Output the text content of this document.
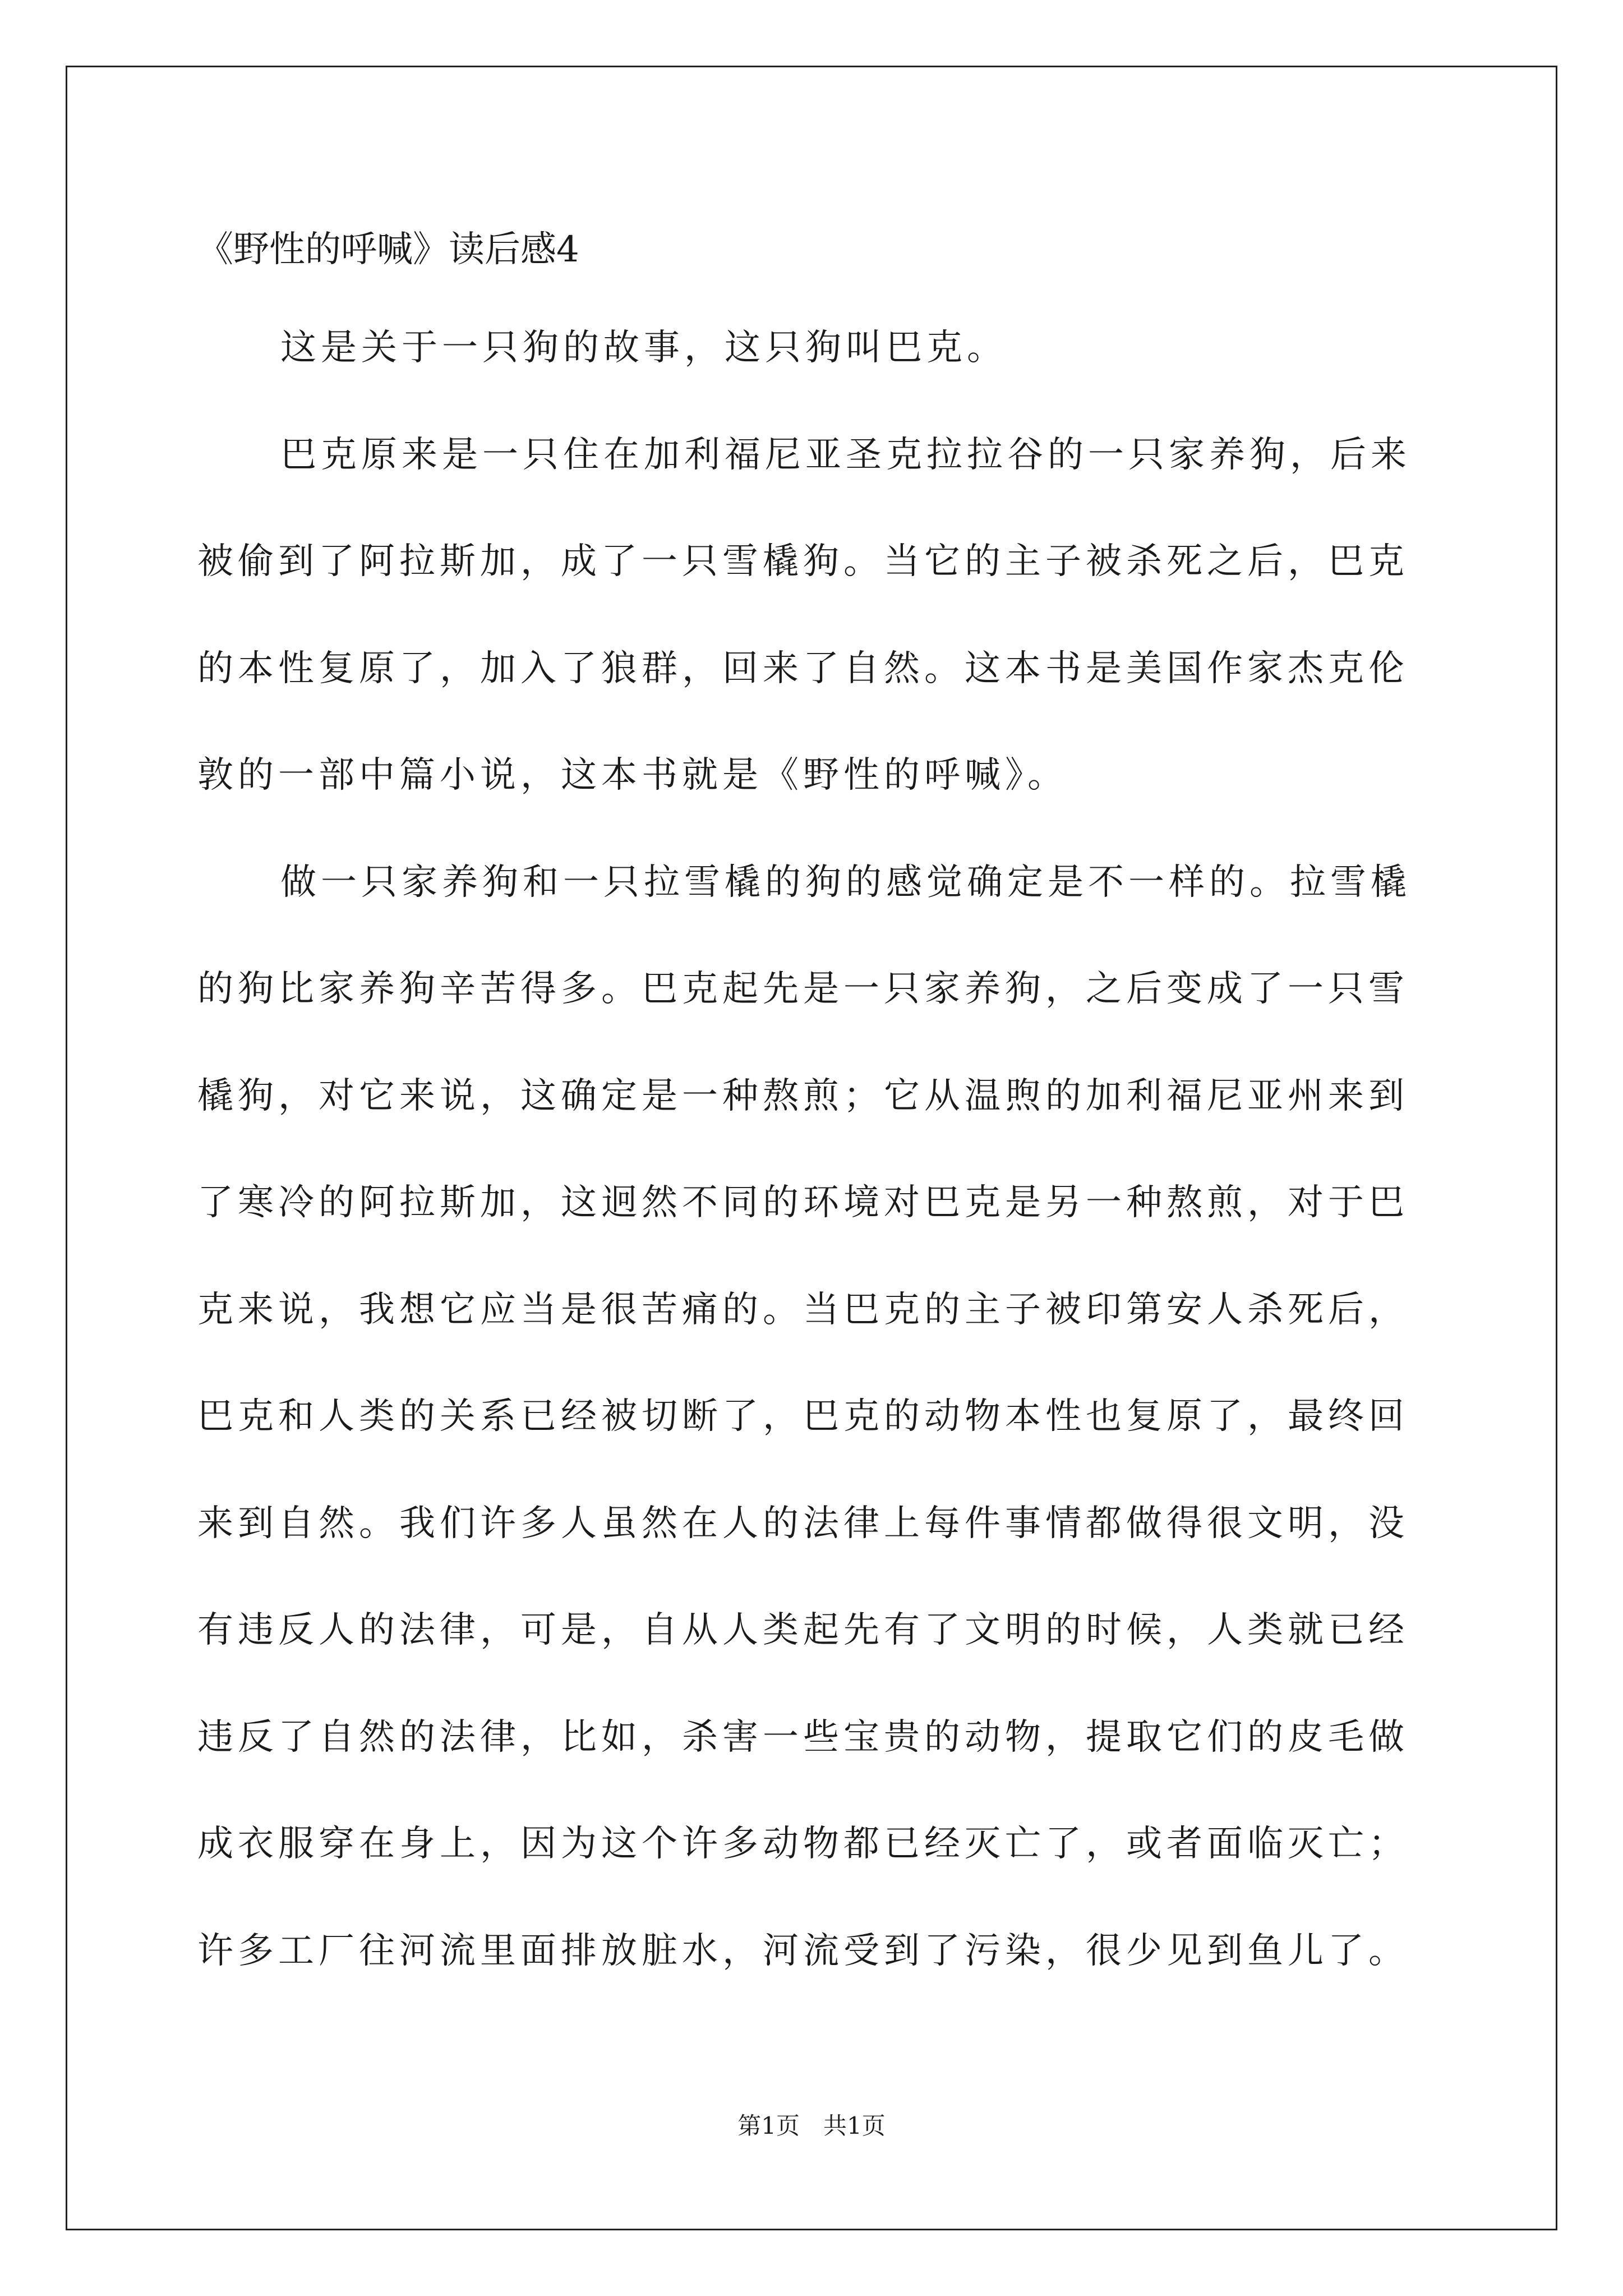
《野性的呼喊》读后感4
这是关于一只狗的故事，这只狗叫巴克。
巴克原来是一只住在加利福尼亚圣克拉拉谷的一只家养狗，后来
被偷到了阿拉斯加，成了一只雪橇狗。当它的主子被杀死之后，巴克
的本性复原了，加入了狼群，回来了自然。这本书是美国作家杰克伦
敦的一部中篇小说，这本书就是《野性的呼喊》。
做一只家养狗和一只拉雪橇的狗的感觉确定是不一样的。拉雪橇
的狗比家养狗辛苦得多。巴克起先是一只家养狗，之后变成了一只雪
橇狗，对它来说，这确定是一种熬煎；它从温煦的加利福尼亚州来到
了寒冷的阿拉斯加，这迥然不同的环境对巴克是另一种熬煎，对于巴
克来说，我想它应当是很苦痛的。当巴克的主子被印第安人杀死后，
巴克和人类的关系已经被切断了，巴克的动物本性也复原了，最终回
来到自然。我们许多人虽然在人的法律上每件事情都做得很文明，没
有违反人的法律，可是，自从人类起先有了文明的时候，人类就已经
违反了自然的法律，比如，杀害一些宝贵的动物，提取它们的皮毛做
成衣服穿在身上，因为这个许多动物都已经灭亡了，或者面临灭亡；
许多工厂往河流里面排放脏水，河流受到了污染，很少见到鱼儿了。
第1页　共1页
